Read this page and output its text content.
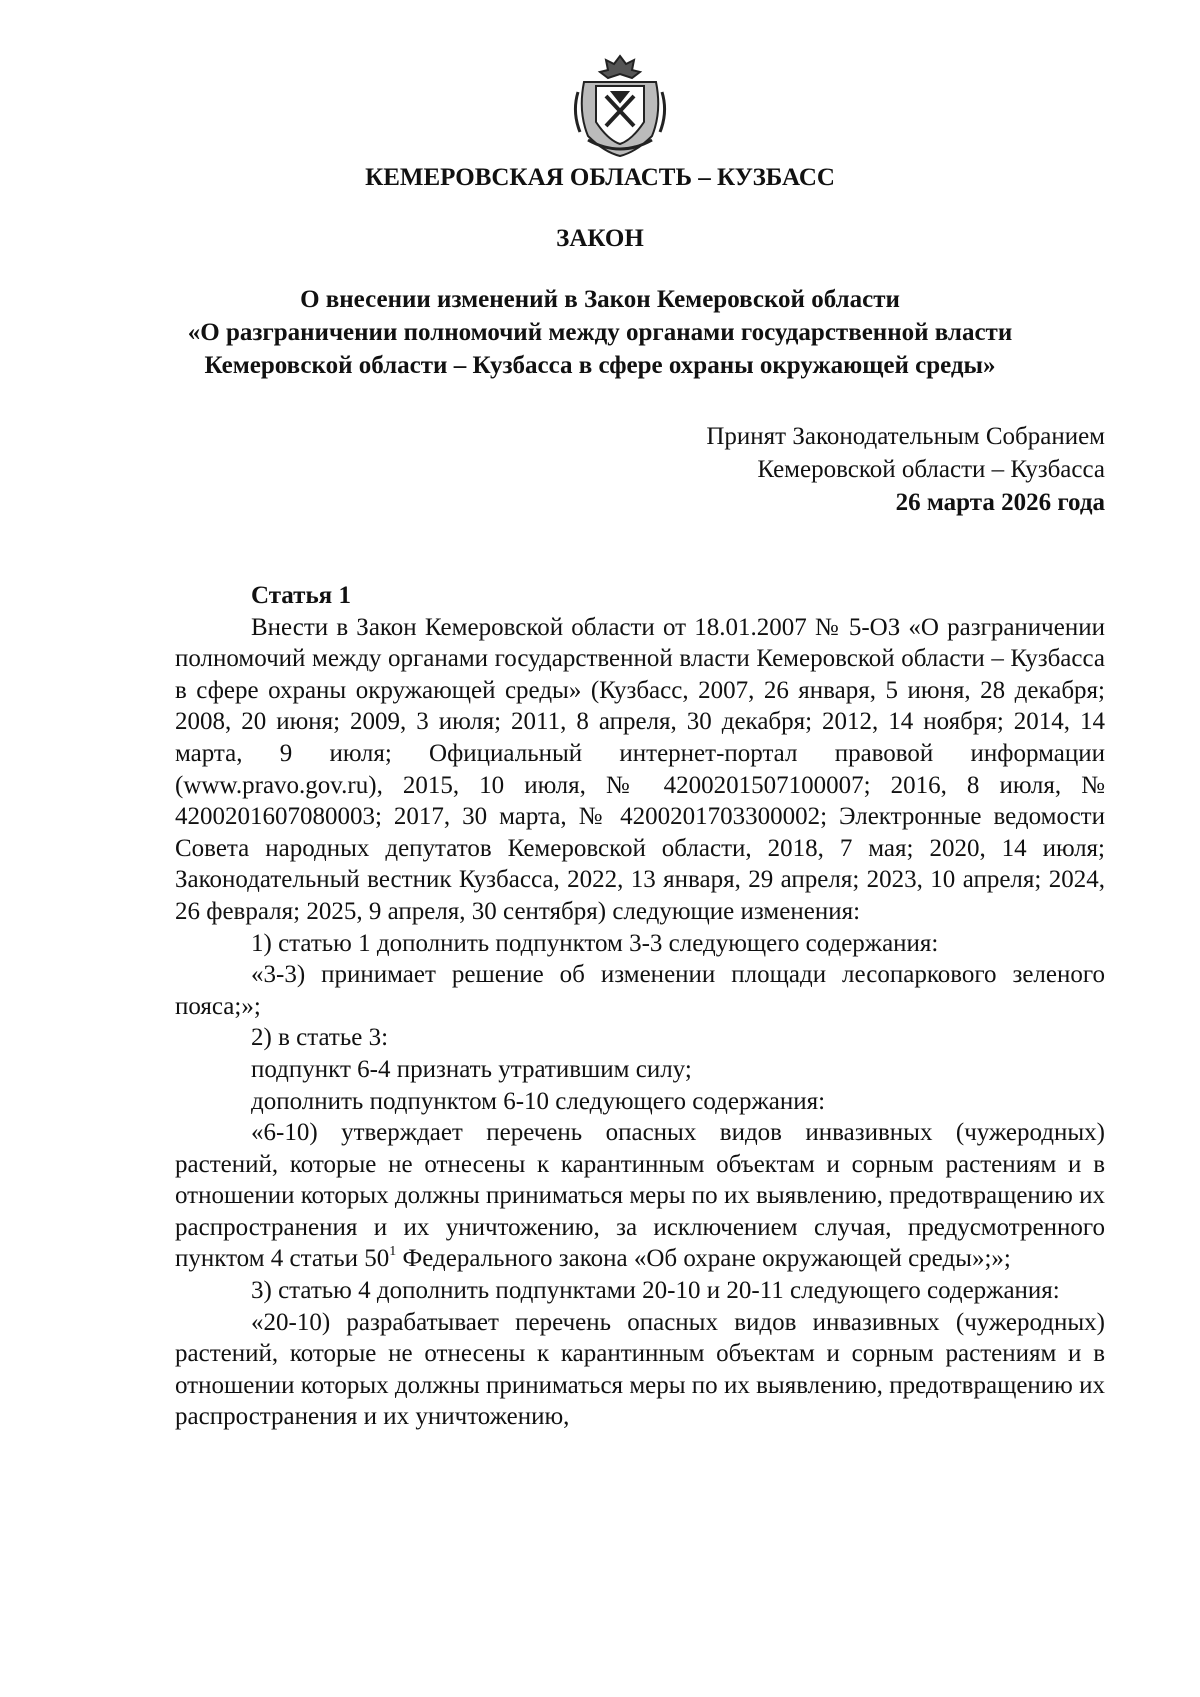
КЕМЕРОВСКАЯ ОБЛАСТЬ – КУЗБАСС
ЗАКОН
О внесении изменений в Закон Кемеровской области
«О разграничении полномочий между органами государственной власти
Кемеровской области – Кузбасса в сфере охраны окружающей среды»
Принят Законодательным Собранием
Кемеровской области – Кузбасса
26 марта 2026 года

Статья 1

Внести в Закон Кемеровской области от 18.01.2007 № 5-ОЗ «О разграничении полномочий между органами государственной власти Кемеровской области – Кузбасса в сфере охраны окружающей среды» (Кузбасс, 2007, 26 января, 5 июня, 28 декабря; 2008, 20 июня; 2009, 3 июля; 2011, 8 апреля, 30 декабря; 2012, 14 ноября; 2014, 14 марта, 9 июля; Официальный интернет-портал правовой информации (www.pravo.gov.ru), 2015, 10 июля, № 4200201507100007; 2016, 8 июля, № 4200201607080003; 2017, 30 марта, № 4200201703300002; Электронные ведомости Совета народных депутатов Кемеровской области, 2018, 7 мая; 2020, 14 июля; Законодательный вестник Кузбасса, 2022, 13 января, 29 апреля; 2023, 10 апреля; 2024, 26 февраля; 2025, 9 апреля, 30 сентября) следующие изменения:

1) статью 1 дополнить подпунктом 3-3 следующего содержания:

«3-3) принимает решение об изменении площади лесопаркового зеленого пояса;»;

2) в статье 3:

подпункт 6-4 признать утратившим силу;

дополнить подпунктом 6-10 следующего содержания:

«6-10) утверждает перечень опасных видов инвазивных (чужеродных) растений, которые не отнесены к карантинным объектам и сорным растениям и в отношении которых должны приниматься меры по их выявлению, предотвращению их распространения и их уничтожению, за исключением случая, предусмотренного пунктом 4 статьи $50^1$ Федерального закона «Об охране окружающей среды»;»;

3) статью 4 дополнить подпунктами 20-10 и 20-11 следующего содержания:

«20-10) разрабатывает перечень опасных видов инвазивных (чужеродных) растений, которые не отнесены к карантинным объектам и сорным растениям и в отношении которых должны приниматься меры по их выявлению, предотвращению их распространения и их уничтожению,
